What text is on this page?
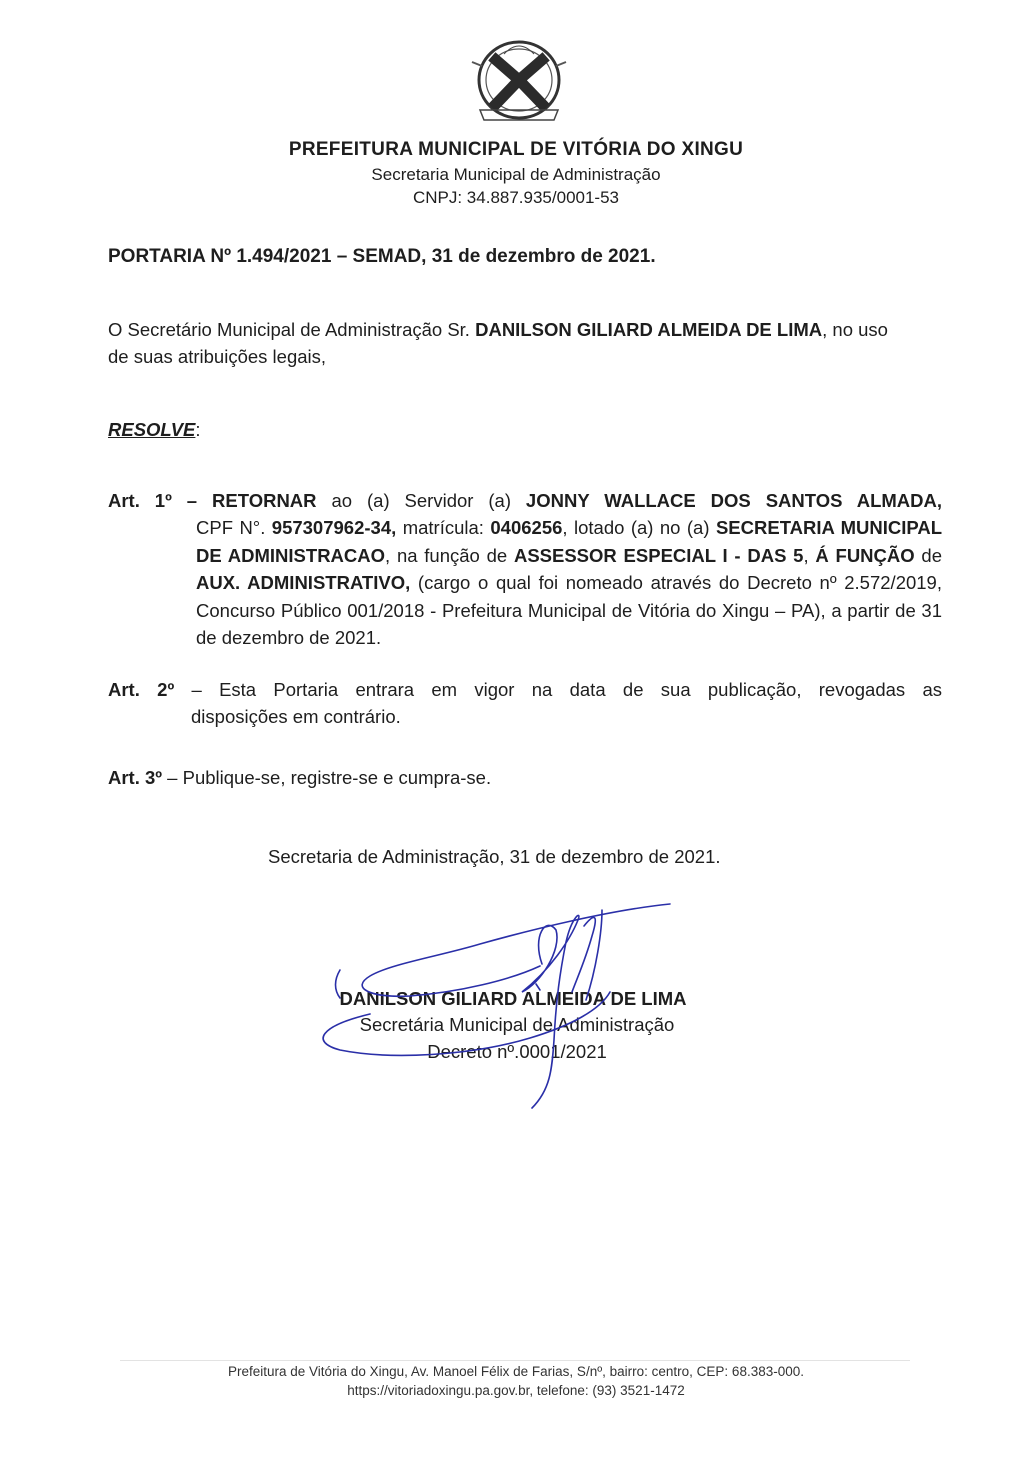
PREFEITURA MUNICIPAL DE VITÓRIA DO XINGU
Secretaria Municipal de Administração
CNPJ: 34.887.935/0001-53
PORTARIA Nº 1.494/2021 – SEMAD, 31 de dezembro de 2021.
O Secretário Municipal de Administração Sr. DANILSON GILIARD ALMEIDA DE LIMA, no uso de suas atribuições legais,
RESOLVE:
Art. 1º – RETORNAR ao (a) Servidor (a) JONNY WALLACE DOS SANTOS ALMADA,
CPF N°. 957307962-34, matrícula: 0406256, lotado (a) no (a) SECRETARIA MUNICIPAL DE ADMINISTRACAO, na função de ASSESSOR ESPECIAL I - DAS 5, Á FUNÇÃO de AUX. ADMINISTRATIVO, (cargo o qual foi nomeado através do Decreto nº 2.572/2019, Concurso Público 001/2018 - Prefeitura Municipal de Vitória do Xingu – PA), a partir de 31 de dezembro de 2021.
Art. 2º – Esta Portaria entrara em vigor na data de sua publicação, revogadas as
disposições em contrário.
Art. 3º – Publique-se, registre-se e cumpra-se.
Secretaria de Administração, 31 de dezembro de 2021.
DANILSON GILIARD ALMEIDA DE LIMA
Secretária Municipal de Administração
Decreto nº.0001/2021
Prefeitura de Vitória do Xingu, Av. Manoel Félix de Farias, S/nº, bairro: centro, CEP: 68.383-000.
https://vitoriadoxingu.pa.gov.br, telefone: (93) 3521-1472
